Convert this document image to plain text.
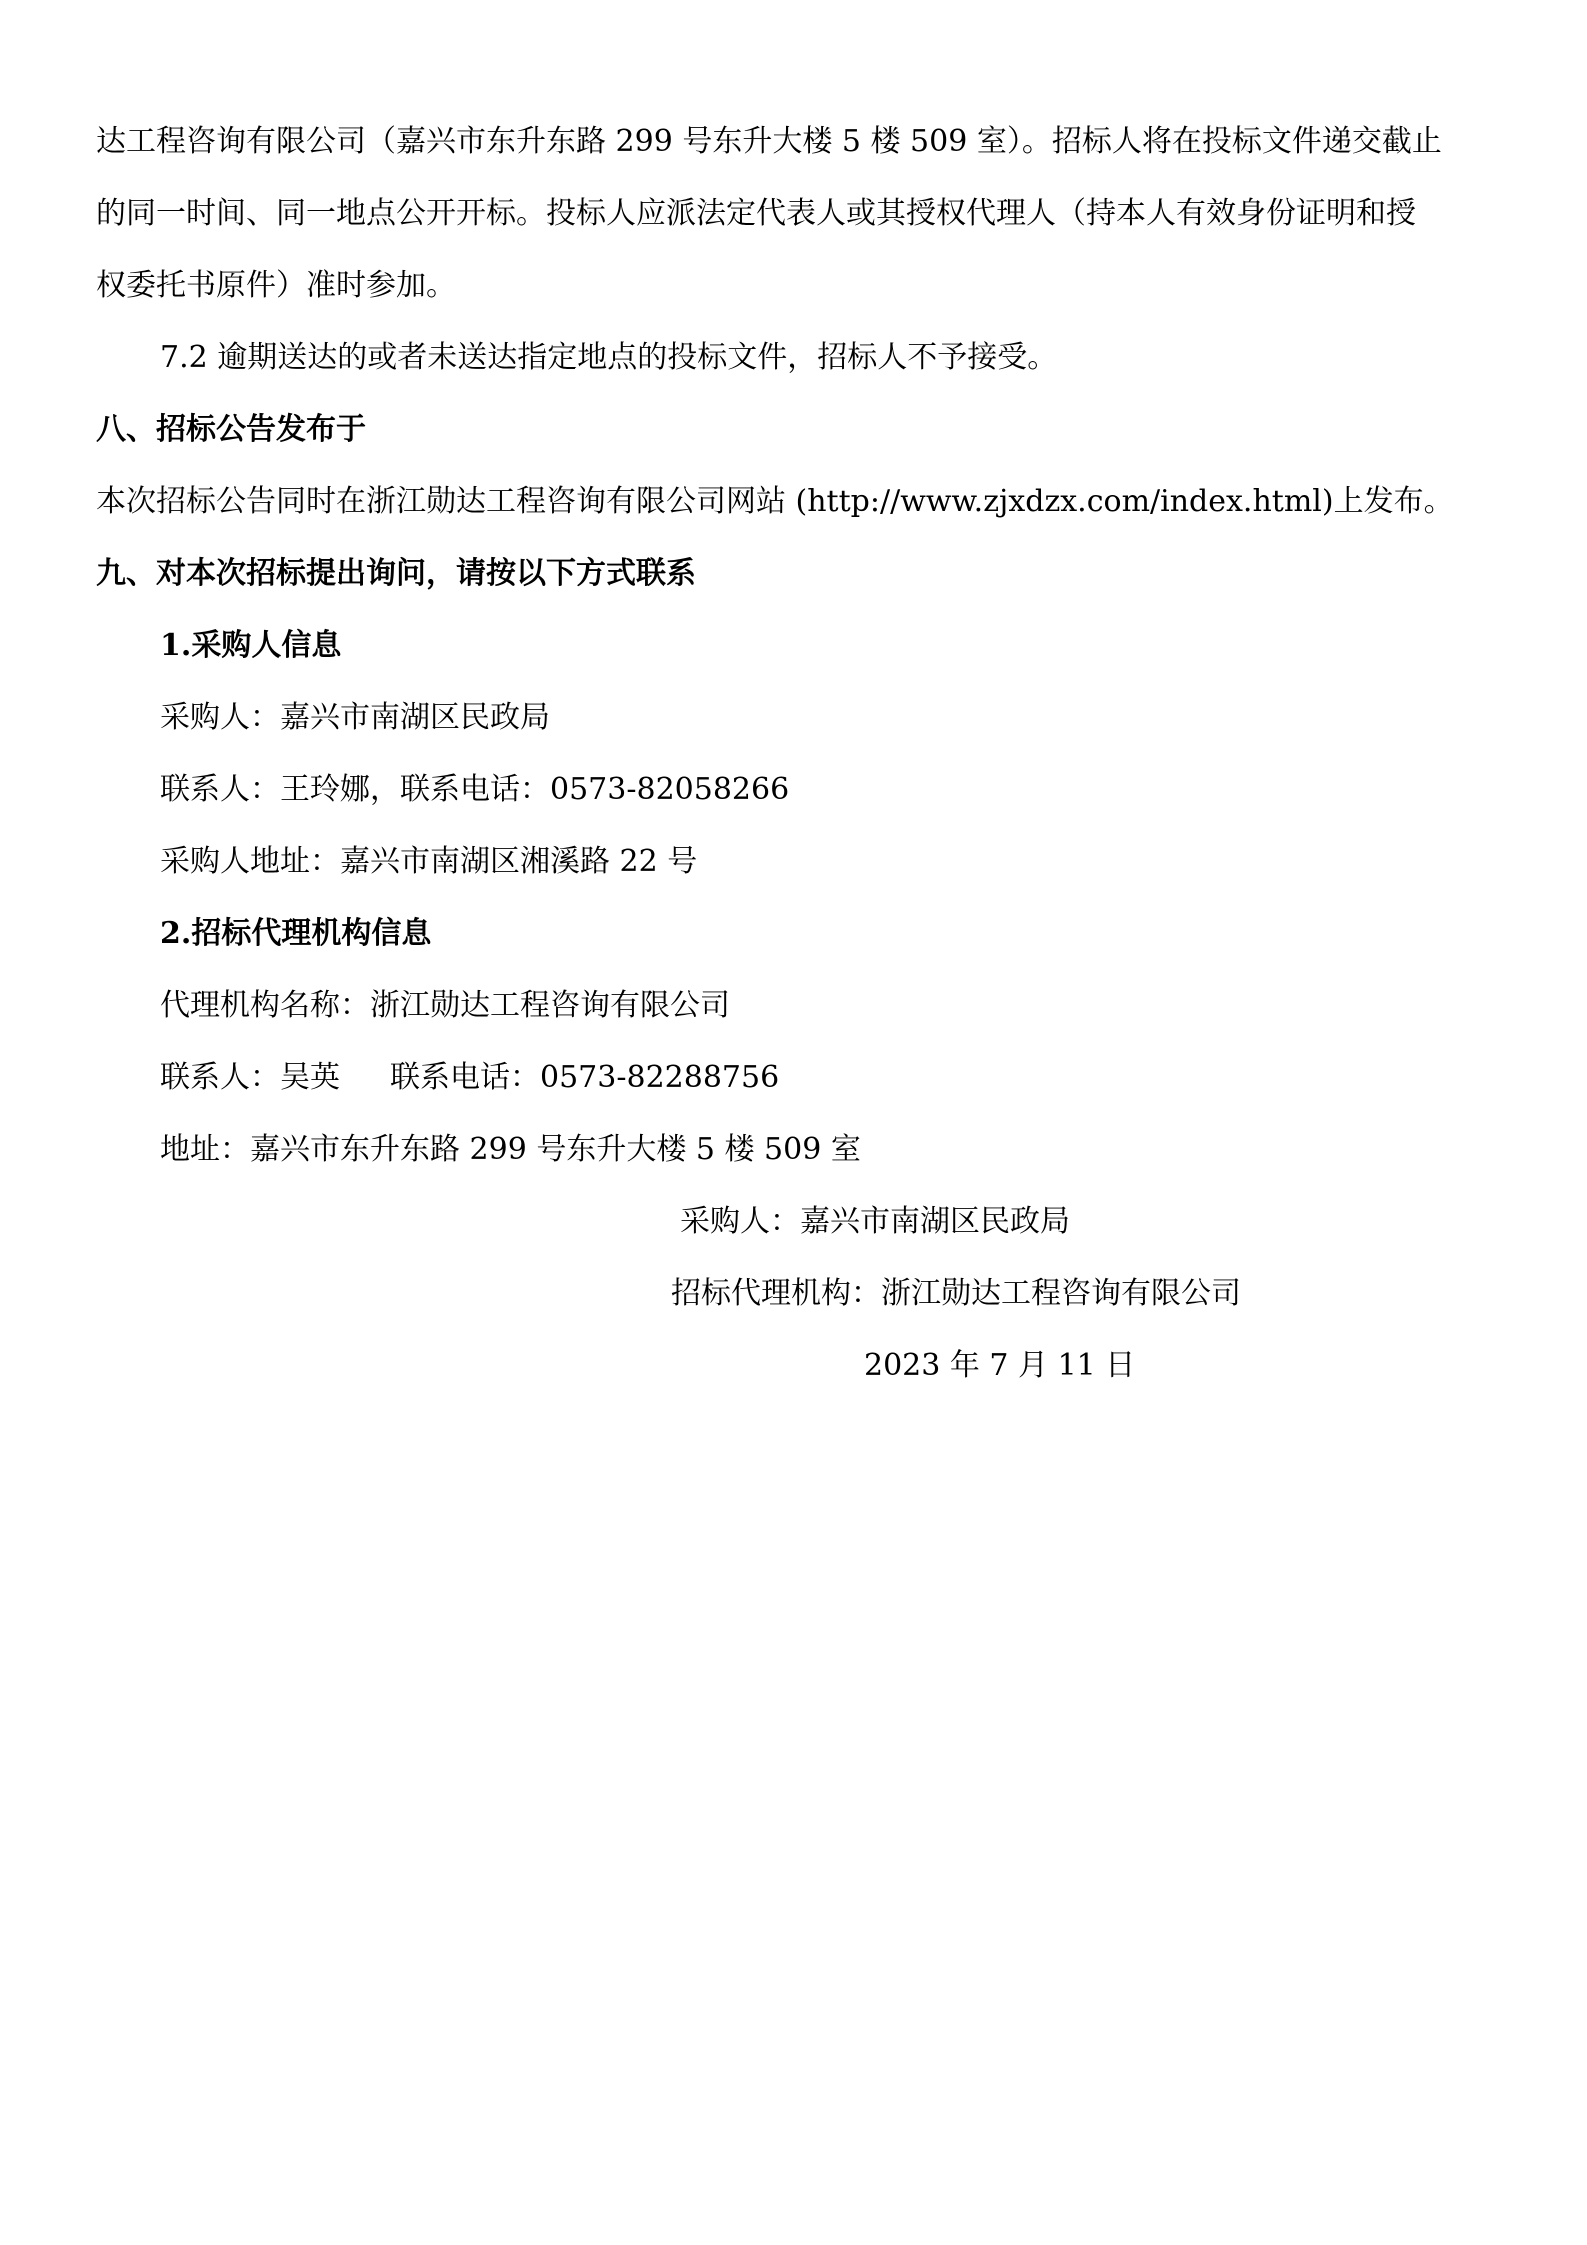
达工程咨询有限公司（嘉兴市东升东路 299 号东升大楼 5 楼 509 室）。招标人将在投标文件递交截止
的同一时间、同一地点公开开标。投标人应派法定代表人或其授权代理人（持本人有效身份证明和授
权委托书原件）准时参加。
7.2 逾期送达的或者未送达指定地点的投标文件，招标人不予接受。
八、招标公告发布于
本次招标公告同时在浙江勋达工程咨询有限公司网站 (http://www.zjxdzx.com/index.html)上发布。
九、对本次招标提出询问，请按以下方式联系
1.采购人信息
采购人：嘉兴市南湖区民政局
联系人：王玲娜，联系电话：0573-82058266
采购人地址：嘉兴市南湖区湘溪路 22 号
2.招标代理机构信息
代理机构名称：浙江勋达工程咨询有限公司
联系人：吴英 联系电话：0573-82288756
地址：嘉兴市东升东路 299 号东升大楼 5 楼 509 室
采购人：嘉兴市南湖区民政局
招标代理机构：浙江勋达工程咨询有限公司
2023 年 7 月 11 日
